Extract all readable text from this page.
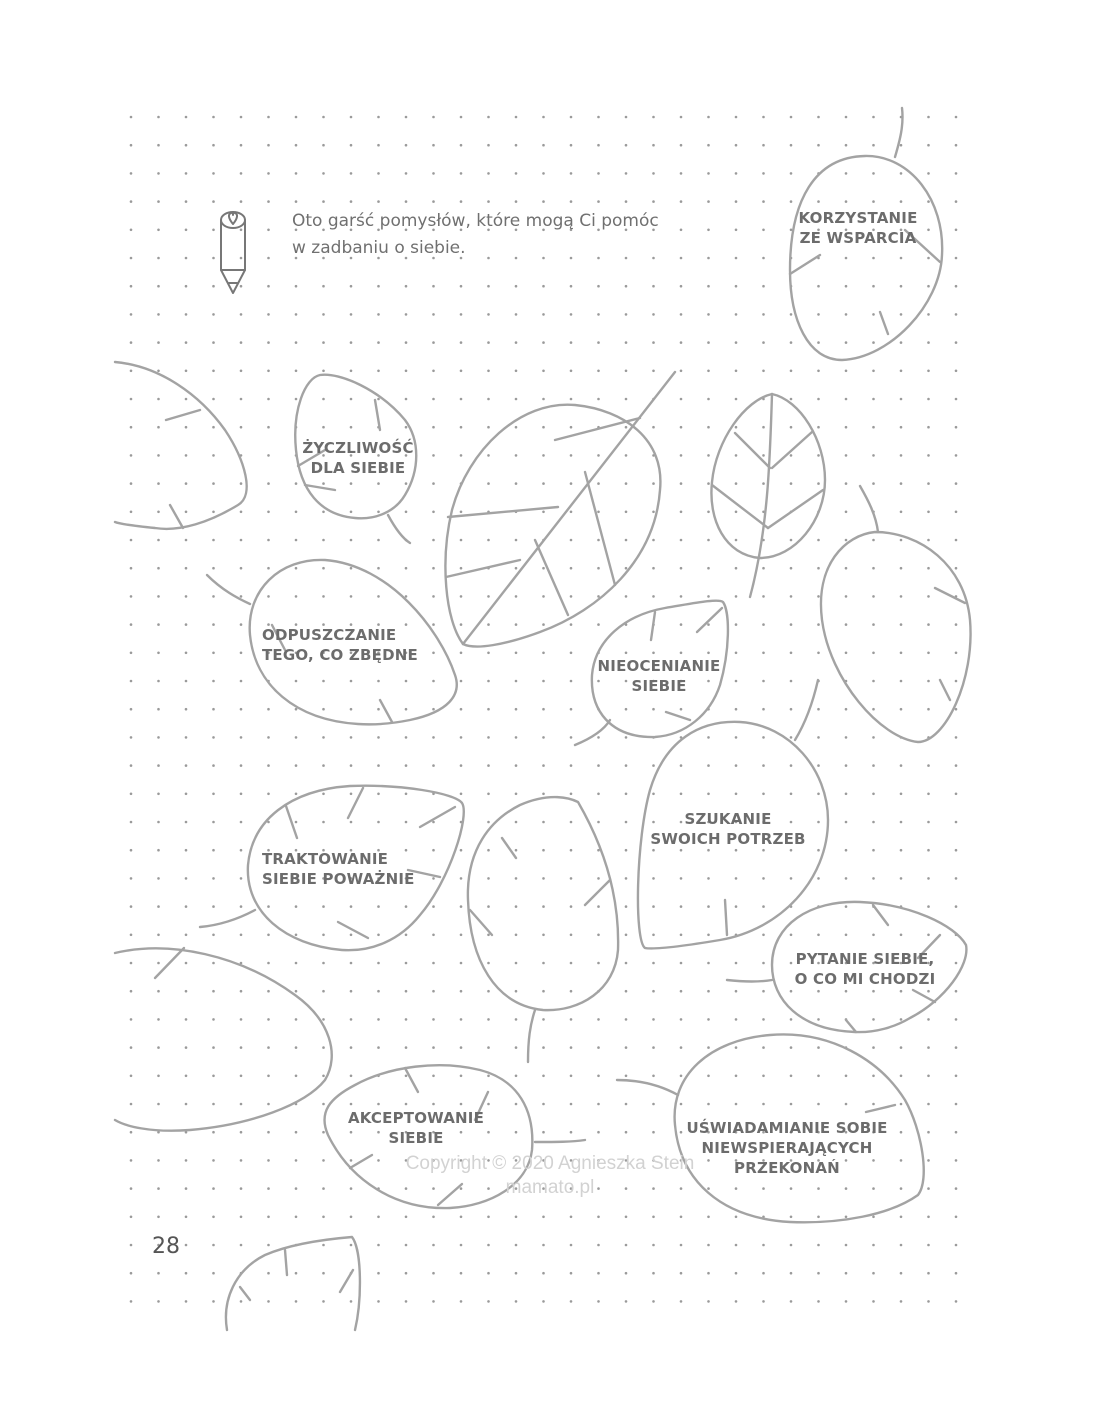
Oto garść pomysłów, które mogą Ci pomóc
w zadbaniu o siebie.
KORZYSTANIE
ZE WSPARCIA
ŻYCZLIWOŚĆ
DLA SIEBIE
ODPUSZCZANIE
TEGO, CO ZBĘDNE
NIEOCENIANIE
SIEBIE
SZUKANIE
SWOICH POTRZEB
TRAKTOWANIE
SIEBIE POWAŻNIE
PYTANIE SIEBIE,
O CO MI CHODZI
AKCEPTOWANIE
SIEBIE
UŚWIADAMIANIE SOBIE
NIEWSPIERAJĄCYCH
PRZEKONAŃ
Copyright © 2020 Agnieszka Stein
mamato.pl
28
